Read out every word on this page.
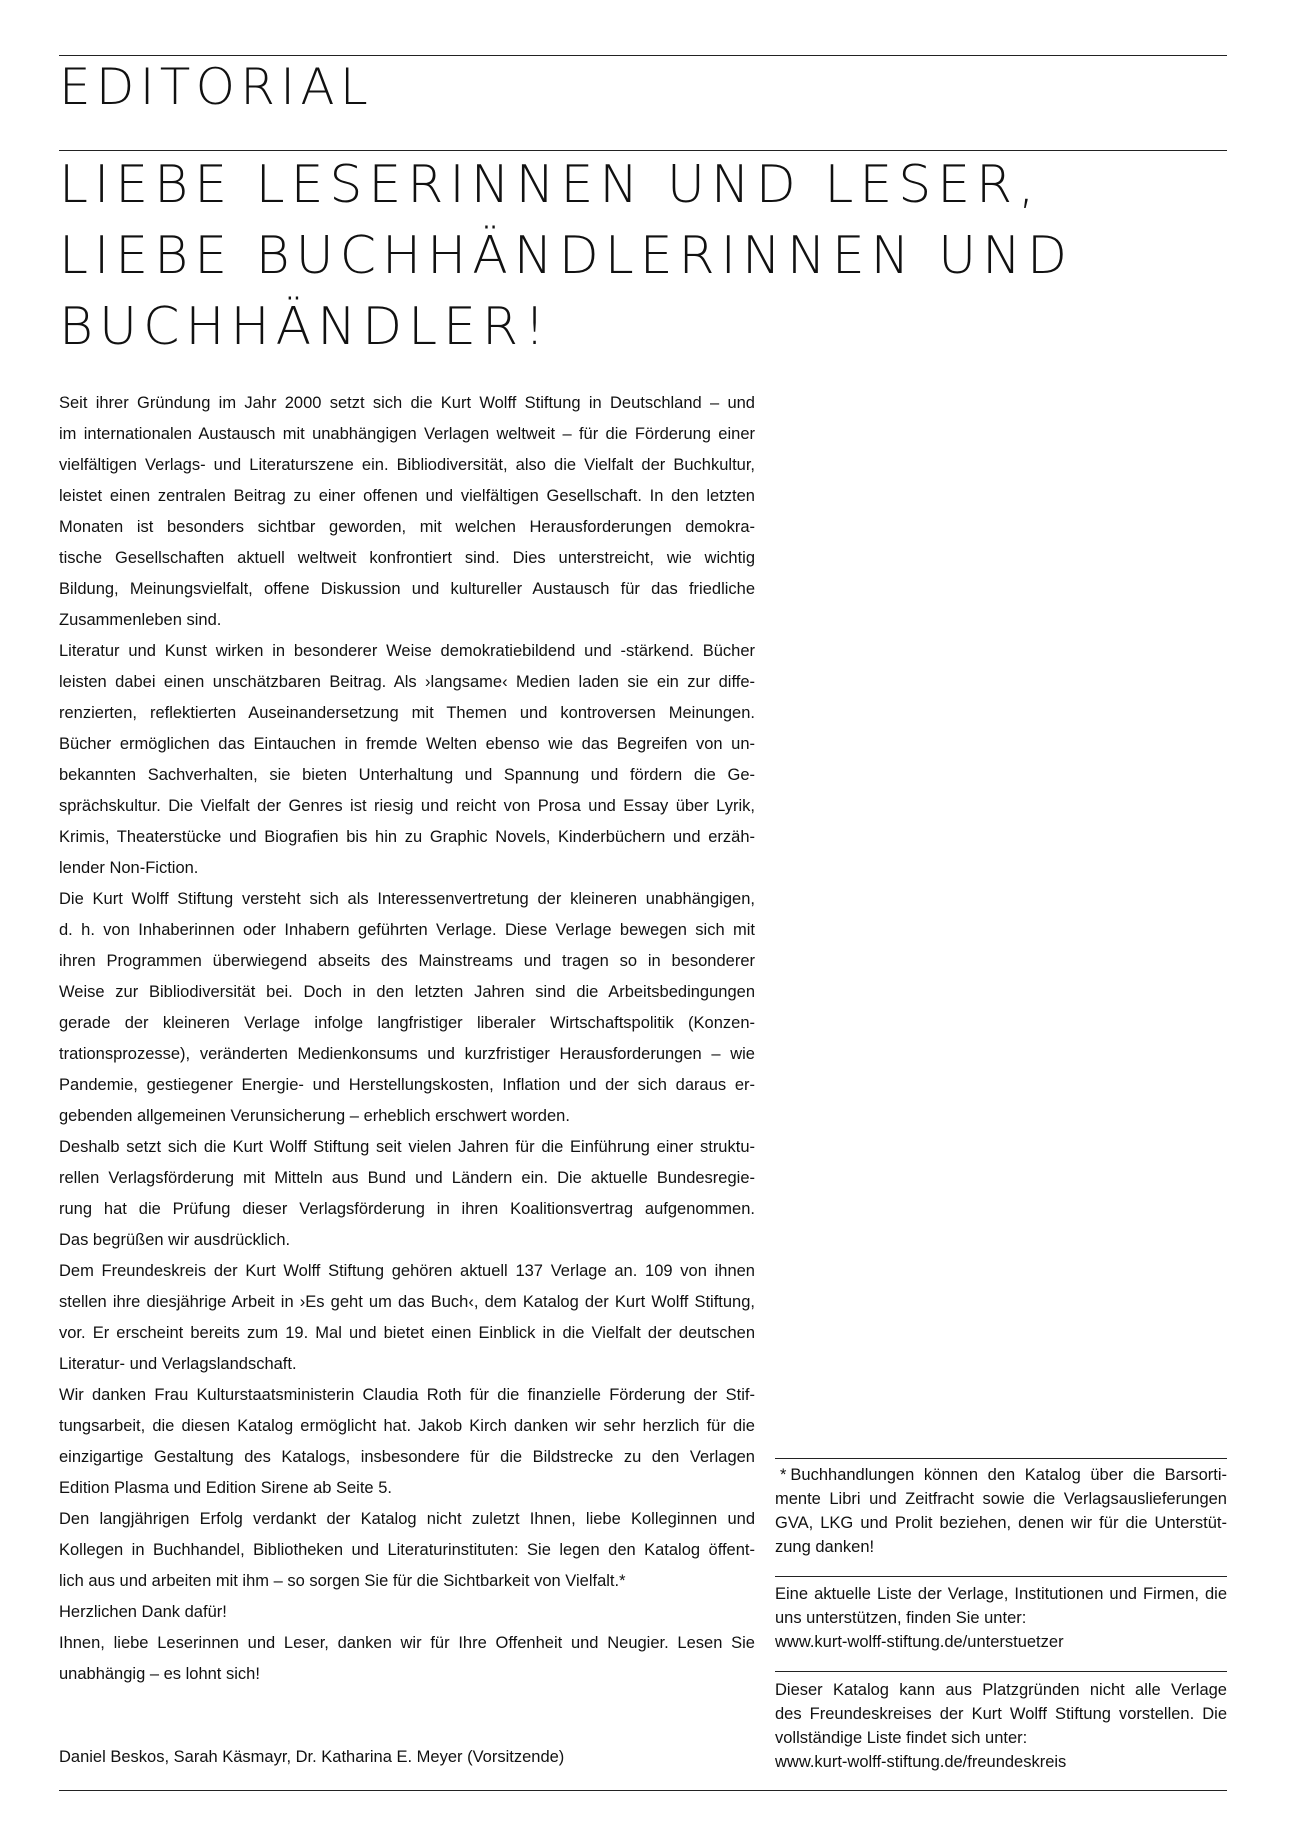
EDITORIAL
LIEBE LESERINNEN UND LESER,
LIEBE BUCHHÄNDLERINNEN UND
BUCHHÄNDLER!
Seit ihrer Gründung im Jahr 2000 setzt sich die Kurt Wolff Stiftung in Deutschland – und
im internationalen Austausch mit unabhängigen Verlagen weltweit – für die Förderung einer
vielfältigen Verlags- und Literaturszene ein. Bibliodiversität, also die Vielfalt der Buchkultur,
leistet einen zentralen Beitrag zu einer offenen und vielfältigen Gesellschaft. In den letzten
Monaten ist besonders sichtbar geworden, mit welchen Herausforderungen demokra-
tische Gesellschaften aktuell weltweit konfrontiert sind. Dies unterstreicht, wie wichtig
Bildung, Meinungsvielfalt, offene Diskussion und kultureller Austausch für das friedliche
Zusammenleben sind.
Literatur und Kunst wirken in besonderer Weise demokratiebildend und -stärkend. Bücher
leisten dabei einen unschätzbaren Beitrag. Als ›langsame‹ Medien laden sie ein zur diffe-
renzierten, reflektierten Auseinandersetzung mit Themen und kontroversen Meinungen.
Bücher ermöglichen das Eintauchen in fremde Welten ebenso wie das Begreifen von un-
bekannten Sachverhalten, sie bieten Unterhaltung und Spannung und fördern die Ge-
sprächskultur. Die Vielfalt der Genres ist riesig und reicht von Prosa und Essay über Lyrik,
Krimis, Theaterstücke und Biografien bis hin zu Graphic Novels, Kinderbüchern und erzäh-
lender Non-Fiction.
Die Kurt Wolff Stiftung versteht sich als Interessenvertretung der kleineren unabhängigen,
d. h. von Inhaberinnen oder Inhabern geführten Verlage. Diese Verlage bewegen sich mit
ihren Programmen überwiegend abseits des Mainstreams und tragen so in besonderer
Weise zur Bibliodiversität bei. Doch in den letzten Jahren sind die Arbeitsbedingungen
gerade der kleineren Verlage infolge langfristiger liberaler Wirtschaftspolitik (Konzen-
trationsprozesse), veränderten Medienkonsums und kurzfristiger Herausforderungen – wie
Pandemie, gestiegener Energie- und Herstellungskosten, Inflation und der sich daraus er-
gebenden allgemeinen Verunsicherung – erheblich erschwert worden.
Deshalb setzt sich die Kurt Wolff Stiftung seit vielen Jahren für die Einführung einer struktu-
rellen Verlagsförderung mit Mitteln aus Bund und Ländern ein. Die aktuelle Bundesregie-
rung hat die Prüfung dieser Verlagsförderung in ihren Koalitionsvertrag aufgenommen.
Das begrüßen wir ausdrücklich.
Dem Freundeskreis der Kurt Wolff Stiftung gehören aktuell 137 Verlage an. 109 von ihnen
stellen ihre diesjährige Arbeit in ›Es geht um das Buch‹, dem Katalog der Kurt Wolff Stiftung,
vor. Er erscheint bereits zum 19. Mal und bietet einen Einblick in die Vielfalt der deutschen
Literatur- und Verlagslandschaft.
Wir danken Frau Kulturstaatsministerin Claudia Roth für die finanzielle Förderung der Stif-
tungsarbeit, die diesen Katalog ermöglicht hat. Jakob Kirch danken wir sehr herzlich für die
einzigartige Gestaltung des Katalogs, insbesondere für die Bildstrecke zu den Verlagen
Edition Plasma und Edition Sirene ab Seite 5.
Den langjährigen Erfolg verdankt der Katalog nicht zuletzt Ihnen, liebe Kolleginnen und
Kollegen in Buchhandel, Bibliotheken und Literaturinstituten: Sie legen den Katalog öffent-
lich aus und arbeiten mit ihm – so sorgen Sie für die Sichtbarkeit von Vielfalt.*
Herzlichen Dank dafür!
Ihnen, liebe Leserinnen und Leser, danken wir für Ihre Offenheit und Neugier. Lesen Sie
unabhängig – es lohnt sich!
Daniel Beskos, Sarah Käsmayr, Dr. Katharina E. Meyer (Vorsitzende)
* Buchhandlungen können den Katalog über die Barsorti-
mente Libri und Zeitfracht sowie die Verlagsauslieferungen
GVA, LKG und Prolit beziehen, denen wir für die Unterstüt-
zung danken!
Eine aktuelle Liste der Verlage, Institutionen und Firmen, die
uns unterstützen, finden Sie unter:
www.kurt-wolff-stiftung.de/unterstuetzer
Dieser Katalog kann aus Platzgründen nicht alle Verlage
des Freundeskreises der Kurt Wolff Stiftung vorstellen. Die
vollständige Liste findet sich unter:
www.kurt-wolff-stiftung.de/freundeskreis
